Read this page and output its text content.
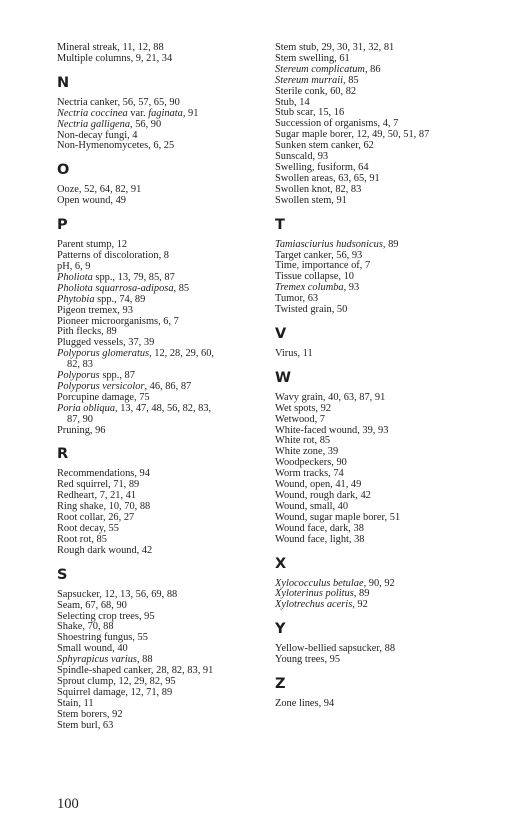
Mineral streak, 11, 12, 88
Multiple columns, 9, 21, 34
N
Nectria canker, 56, 57, 65, 90
Nectria coccinea var. faginata, 91
Nectria galligena, 56, 90
Non-decay fungi, 4
Non-Hymenomycetes, 6, 25
O
Ooze, 52, 64, 82, 91
Open wound, 49
P
Parent stump, 12
Patterns of discoloration, 8
pH, 6, 9
Pholiota spp., 13, 79, 85, 87
Pholiota squarrosa-adiposa, 85
Phytobia spp., 74, 89
Pigeon tremex, 93
Pioneer microorganisms, 6, 7
Pith flecks, 89
Plugged vessels, 37, 39
Polyporus glomeratus, 12, 28, 29, 60,
82, 83
Polyporus spp., 87
Polyporus versicolor, 46, 86, 87
Porcupine damage, 75
Poria obliqua, 13, 47, 48, 56, 82, 83,
87, 90
Pruning, 96
R
Recommendations, 94
Red squirrel, 71, 89
Redheart, 7, 21, 41
Ring shake, 10, 70, 88
Root collar, 26, 27
Root decay, 55
Root rot, 85
Rough dark wound, 42
S
Sapsucker, 12, 13, 56, 69, 88
Seam, 67, 68, 90
Selecting crop trees, 95
Shake, 70, 88
Shoestring fungus, 55
Small wound, 40
Sphyrapicus varius, 88
Spindle-shaped canker, 28, 82, 83, 91
Sprout clump, 12, 29, 82, 95
Squirrel damage, 12, 71, 89
Stain, 11
Stem borers, 92
Stem burl, 63
Stem stub, 29, 30, 31, 32, 81
Stem swelling, 61
Stereum complicatum, 86
Stereum murraii, 85
Sterile conk, 60, 82
Stub, 14
Stub scar, 15, 16
Succession of organisms, 4, 7
Sugar maple borer, 12, 49, 50, 51, 87
Sunken stem canker, 62
Sunscald, 93
Swelling, fusiform, 64
Swollen areas, 63, 65, 91
Swollen knot, 82, 83
Swollen stem, 91
T
Tamiasciurius hudsonicus, 89
Target canker, 56, 93
Time, importance of, 7
Tissue collapse, 10
Tremex columba, 93
Tumor, 63
Twisted grain, 50
V
Virus, 11
W
Wavy grain, 40, 63, 87, 91
Wet spots, 92
Wetwood, 7
White-faced wound, 39, 93
White rot, 85
White zone, 39
Woodpeckers, 90
Worm tracks, 74
Wound, open, 41, 49
Wound, rough dark, 42
Wound, small, 40
Wound, sugar maple borer, 51
Wound face, dark, 38
Wound face, light, 38
X
Xylococculus betulae, 90, 92
Xyloterinus politus, 89
Xylotrechus aceris, 92
Y
Yellow-bellied sapsucker, 88
Young trees, 95
Z
Zone lines, 94
100
